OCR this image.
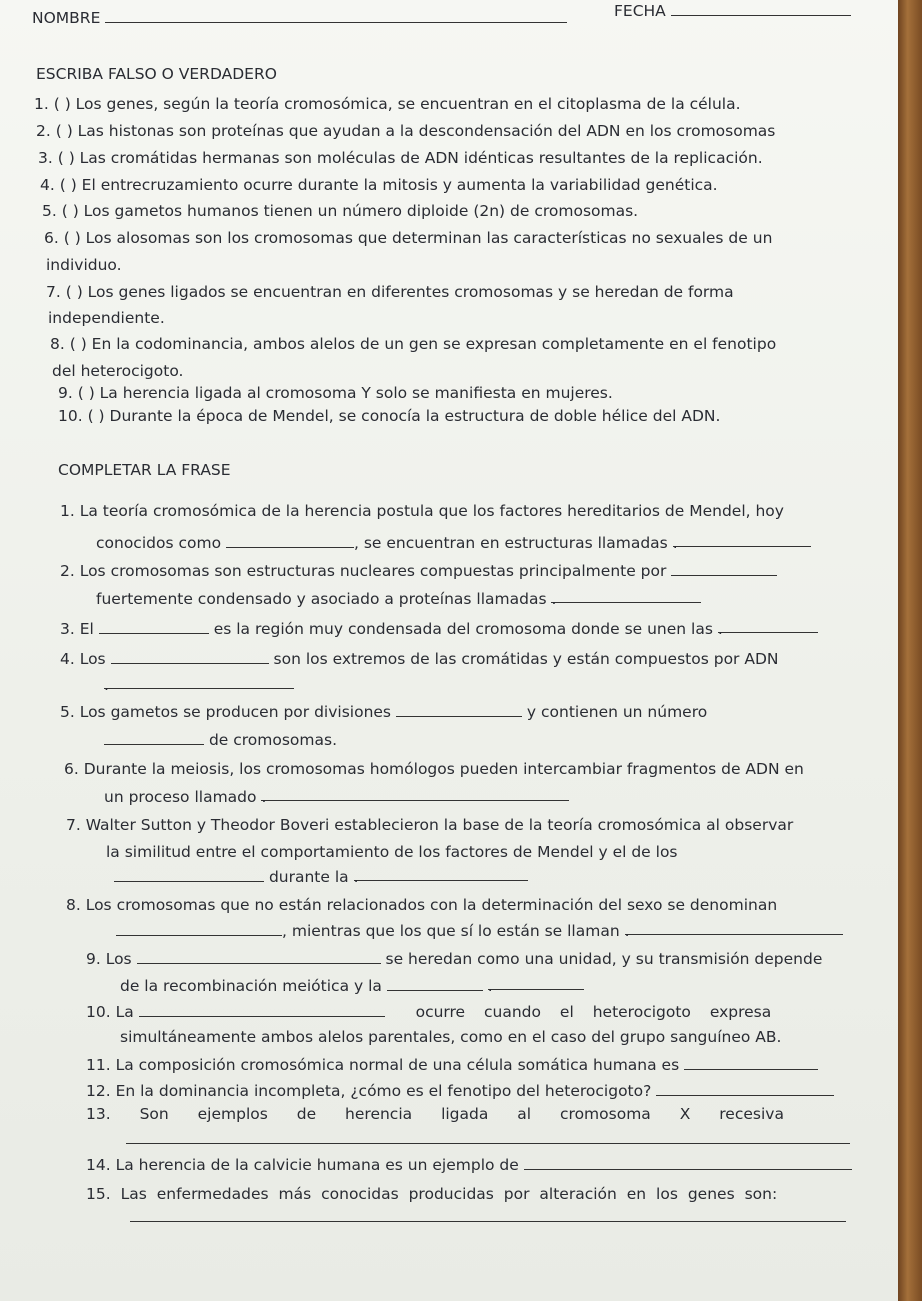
NOMBRE	FECHA
ESCRIBA FALSO O VERDADERO
1. ( ) Los genes, según la teoría cromosómica, se encuentran en el citoplasma de la célula.
2. ( ) Las histonas son proteínas que ayudan a la descondensación del ADN en los cromosomas
3. ( ) Las cromátidas hermanas son moléculas de ADN idénticas resultantes de la replicación.
4. ( ) El entrecruzamiento ocurre durante la mitosis y aumenta la variabilidad genética.
5. ( ) Los gametos humanos tienen un número diploide (2n) de cromosomas.
6. ( ) Los alosomas son los cromosomas que determinan las características no sexuales de un
individuo.
7. ( ) Los genes ligados se encuentran en diferentes cromosomas y se heredan de forma
independiente.
8. ( ) En la codominancia, ambos alelos de un gen se expresan completamente en el fenotipo
del heterocigoto.
9. ( ) La herencia ligada al cromosoma Y solo se manifiesta en mujeres.
10. ( ) Durante la época de Mendel, se conocía la estructura de doble hélice del ADN.
COMPLETAR LA FRASE
1. La teoría cromosómica de la herencia postula que los factores hereditarios de Mendel, hoy
conocidos como	, se encuentran en estructuras llamadas .
2. Los cromosomas son estructuras nucleares compuestas principalmente por
fuertemente condensado y asociado a proteínas llamadas .
3. El	es la región muy condensada del cromosoma donde se unen las .
4. Los	son los extremos de las cromátidas y están compuestos por ADN
.
5. Los gametos se producen por divisiones	y contienen un número
de cromosomas.
6. Durante la meiosis, los cromosomas homólogos pueden intercambiar fragmentos de ADN en
un proceso llamado .
7. Walter Sutton y Theodor Boveri establecieron la base de la teoría cromosómica al observar
la similitud entre el comportamiento de los factores de Mendel y el de los
durante la .
8. Los cromosomas que no están relacionados con la determinación del sexo se denominan
, mientras que los que sí lo están se llaman .
9. Los	se heredan como una unidad, y su transmisión depende
de la recombinación meiótica y la  .
10. La	ocurre cuando el heterocigoto expresa
simultáneamente ambos alelos parentales, como en el caso del grupo sanguíneo AB.
11. La composición cromosómica normal de una célula somática humana es
12. En la dominancia incompleta, ¿cómo es el fenotipo del heterocigoto?
13. Son ejemplos de herencia ligada al cromosoma X recesiva
14. La herencia de la calvicie humana es un ejemplo de
15. Las enfermedades más conocidas producidas por alteración en los genes son:
